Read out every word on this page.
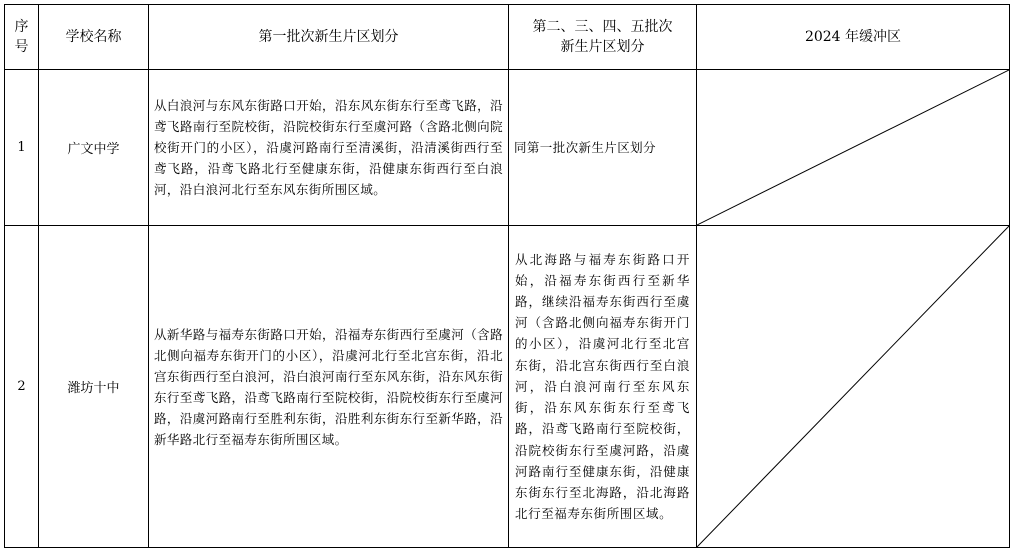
序号	学校名称	第一批次新生片区划分	第二、三、四、五批次新生片区划分	2024 年缓冲区
1	广文中学	从白浪河与东风东街路口开始，沿东风东街东行至鸢飞路，沿鸢飞路南行至院校街，沿院校街东行至虞河路（含路北侧向院校街开门的小区），沿虞河路南行至清溪街，沿清溪街西行至鸢飞路，沿鸢飞路北行至健康东街，沿健康东街西行至白浪河，沿白浪河北行至东风东街所围区域。	同第一批次新生片区划分

2	潍坊十中	从新华路与福寿东街路口开始，沿福寿东街西行至虞河（含路北侧向福寿东街开门的小区），沿虞河北行至北宫东街，沿北宫东街西行至白浪河，沿白浪河南行至东风东街，沿东风东街东行至鸢飞路，沿鸢飞路南行至院校街，沿院校街东行至虞河路，沿虞河路南行至胜利东街，沿胜利东街东行至新华路，沿新华路北行至福寿东街所围区域。	从北海路与福寿东街路口开始，沿福寿东街西行至新华路，继续沿福寿东街西行至虞河（含路北侧向福寿东街开门的小区），沿虞河北行至北宫东街，沿北宫东街西行至白浪河，沿白浪河南行至东风东街，沿东风东街东行至鸢飞路，沿鸢飞路南行至院校街，沿院校街东行至虞河路，沿虞河路南行至健康东街，沿健康东街东行至北海路，沿北海路北行至福寿东街所围区域。
